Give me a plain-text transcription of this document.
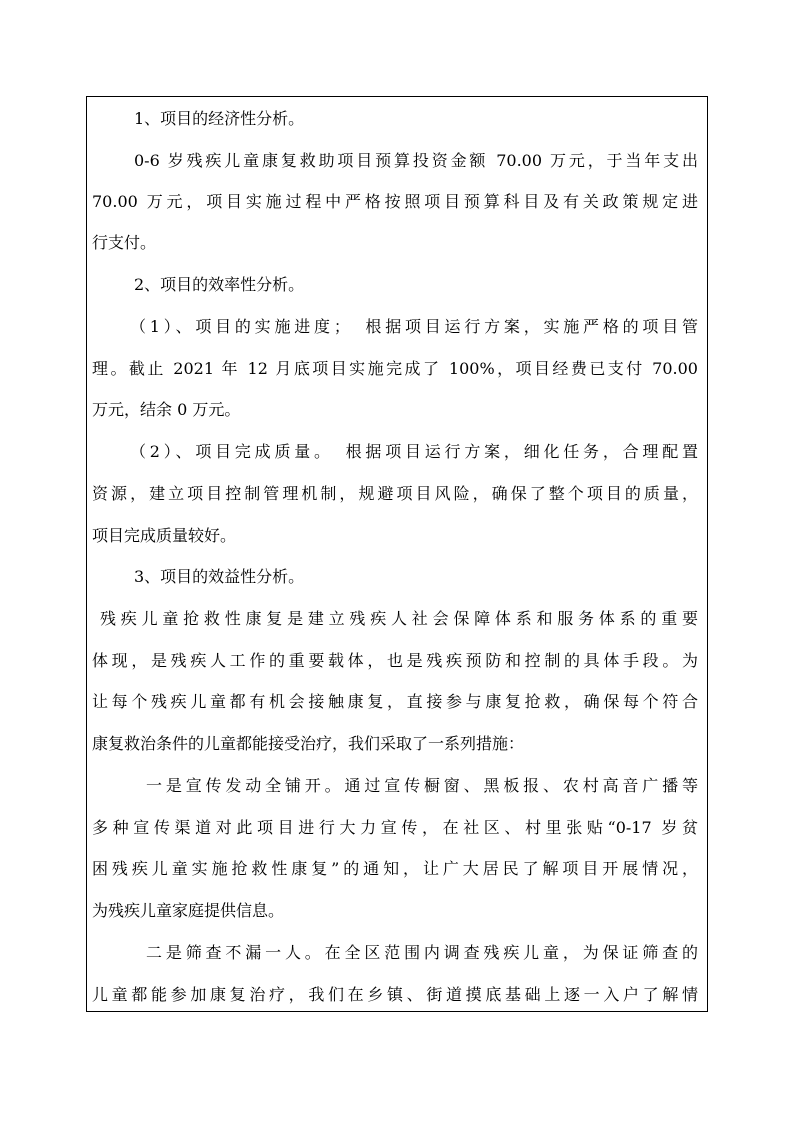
1、项目的经济性分析。
0-6 岁残疾儿童康复救助项目预算投资金额 70.00 万元，于当年支出
70.00 万元，项目实施过程中严格按照项目预算科目及有关政策规定进
行支付。
2、项目的效率性分析。
（1）、项目的实施进度；　根据项目运行方案，实施严格的项目管
理。截止 2021 年 12 月底项目实施完成了 100%，项目经费已支付 70.00
万元，结余 0 万元。
（2）、项目完成质量。　根据项目运行方案，细化任务，合理配置
资源，建立项目控制管理机制，规避项目风险，确保了整个项目的质量，
项目完成质量较好。
3、项目的效益性分析。
残疾儿童抢救性康复是建立残疾人社会保障体系和服务体系的重要
体现，是残疾人工作的重要载体，也是残疾预防和控制的具体手段。为
让每个残疾儿童都有机会接触康复，直接参与康复抢救，确保每个符合
康复救治条件的儿童都能接受治疗，我们采取了一系列措施：
一是宣传发动全铺开。通过宣传橱窗、黑板报、农村高音广播等
多种宣传渠道对此项目进行大力宣传，在社区、村里张贴“0-17 岁贫
困残疾儿童实施抢救性康复”的通知，让广大居民了解项目开展情况，
为残疾儿童家庭提供信息。
二是筛查不漏一人。在全区范围内调查残疾儿童，为保证筛查的
儿童都能参加康复治疗，我们在乡镇、街道摸底基础上逐一入户了解情
